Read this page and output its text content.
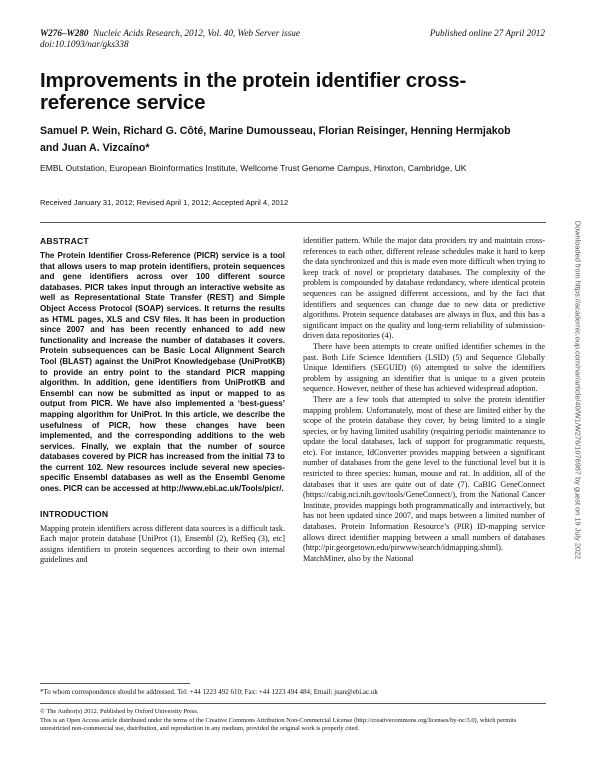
W276–W280 Nucleic Acids Research, 2012, Vol. 40, Web Server issue
doi:10.1093/nar/gks338
Published online 27 April 2012
Improvements in the protein identifier cross-reference service
Samuel P. Wein, Richard G. Côté, Marine Dumousseau, Florian Reisinger, Henning Hermjakob and Juan A. Vizcaíno*
EMBL Outstation, European Bioinformatics Institute, Wellcome Trust Genome Campus, Hinxton, Cambridge, UK
Received January 31, 2012; Revised April 1, 2012; Accepted April 4, 2012
ABSTRACT

The Protein Identifier Cross-Reference (PICR) service is a tool that allows users to map protein identifiers, protein sequences and gene identifiers across over 100 different source databases. PICR takes input through an interactive website as well as Representational State Transfer (REST) and Simple Object Access Protocol (SOAP) services. It returns the results as HTML pages, XLS and CSV files. It has been in production since 2007 and has been recently enhanced to add new functionality and increase the number of databases it covers. Protein subsequences can be Basic Local Alignment Search Tool (BLAST) against the UniProt Knowledgebase (UniProtKB) to provide an entry point to the standard PICR mapping algorithm. In addition, gene identifiers from UniProtKB and Ensembl can now be submitted as input or mapped to as output from PICR. We have also implemented a ‘best-guess’ mapping algorithm for UniProt. In this article, we describe the usefulness of PICR, how these changes have been implemented, and the corresponding additions to the web services. Finally, we explain that the number of source databases covered by PICR has increased from the initial 73 to the current 102. New resources include several new species-specific Ensembl databases as well as the Ensembl Genome ones. PICR can be accessed at http://www.ebi.ac.uk/Tools/picr/.

INTRODUCTION

Mapping protein identifiers across different data sources is a difficult task. Each major protein database [UniProt (1), Ensembl (2), RefSeq (3), etc] assigns identifiers to protein sequences according to their own internal guidelines and

identifier pattern. While the major data providers try and maintain cross-references to each other, different release schedules make it hard to keep the data synchronized and this is made even more difficult when trying to keep track of novel or proprietary databases. The complexity of the problem is compounded by database redundancy, where identical protein sequences can be assigned different accessions, and by the fact that identifiers and sequences can change due to new data or predictive algorithms. Protein sequence databases are always in flux, and this has a significant impact on the quality and long-term reliability of submission-driven data repositories (4).

There have been attempts to create unified identifier schemes in the past. Both Life Science Identifiers (LSID) (5) and Sequence Globally Unique Identifiers (SEGUID) (6) attempted to solve the identifiers problem by assigning an identifier that is unique to a given protein sequence. However, neither of these has achieved widespread adoption.

There are a few tools that attempted to solve the protein identifier mapping problem. Unfortunately, most of these are limited either by the scope of the protein database they cover, by being limited to a single species, or by having limited usability (requiring periodic maintenance to update the local databases, lack of support for programmatic requests, etc). For instance, IdConverter provides mapping between a significant number of databases from the gene level to the functional level but it is restricted to three species: human, mouse and rat. In addition, all of the databases that it uses are quite out of date (7). CaBIG GeneConnect (https://cabig.nci.nih.gov/tools/GeneConnect/), from the National Cancer Institute, provides mappings both programmatically and interactively, but has not been updated since 2007, and maps between a limited number of databases. Protein Information Resource’s (PIR) ID-mapping service allows direct identifier mapping between a small numbers of databases (http://pir.georgetown.edu/pirwww/search/idmapping.shtml). MatchMiner, also by the National	Downloaded from https://academic.oup.com/nar/article/40/W1/W276/1076987 by guest on 19 July 2022
*To whom correspondence should be addressed. Tel: +44 1223 492 610; Fax: +44 1223 494 484; Email: juan@ebi.ac.uk

© The Author(s) 2012. Published by Oxford University Press.

This is an Open Access article distributed under the terms of the Creative Commons Attribution Non-Commercial License (http://creativecommons.org/licenses/by-nc/3.0), which permits unrestricted non-commercial use, distribution, and reproduction in any medium, provided the original work is properly cited.
